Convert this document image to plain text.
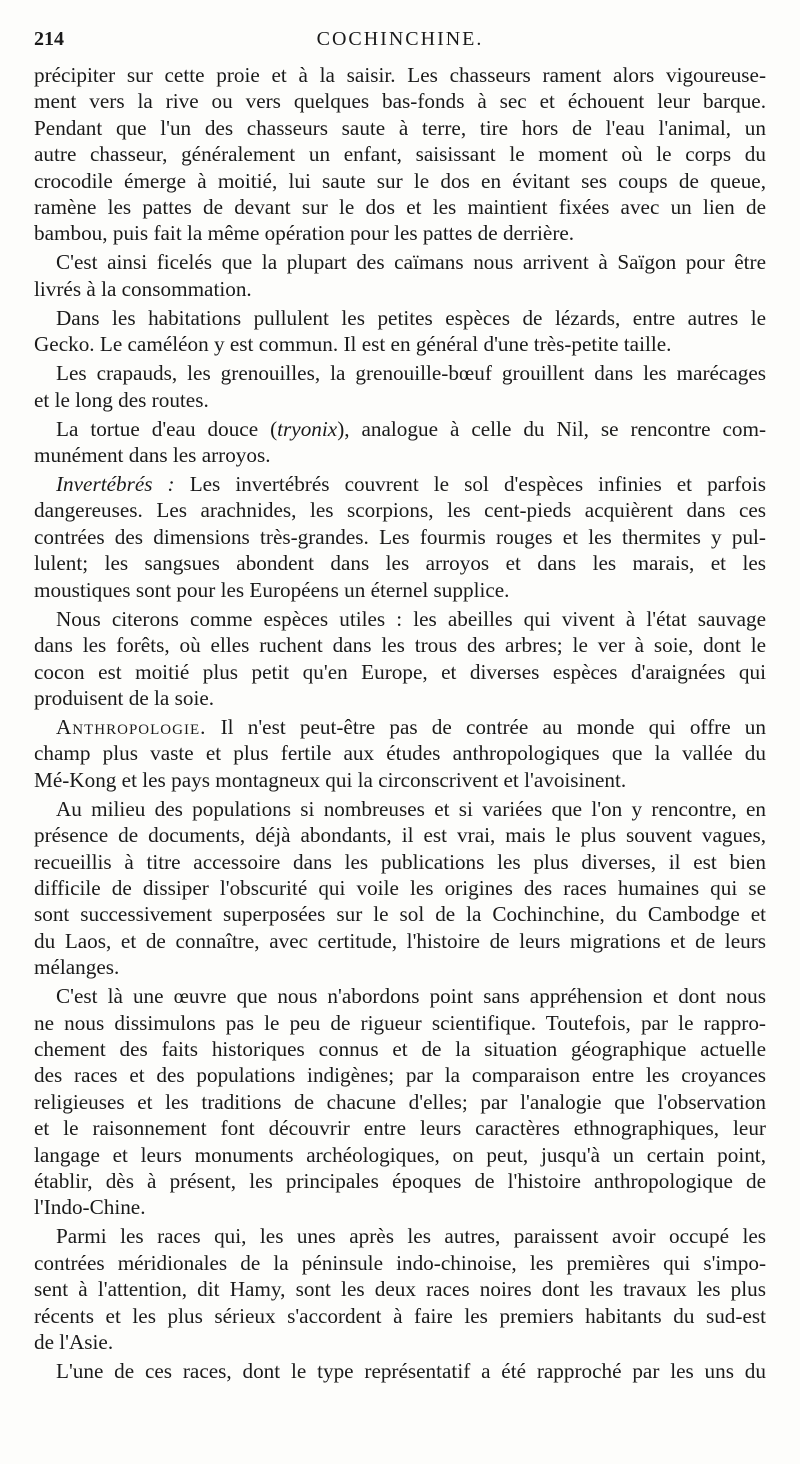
214	COCHINCHINE.

précipiter sur cette proie et à la saisir. Les chasseurs rament alors vigoureuse-
ment vers la rive ou vers quelques bas-fonds à sec et échouent leur barque.
Pendant que l'un des chasseurs saute à terre, tire hors de l'eau l'animal, un
autre chasseur, généralement un enfant, saisissant le moment où le corps du
crocodile émerge à moitié, lui saute sur le dos en évitant ses coups de queue,
ramène les pattes de devant sur le dos et les maintient fixées avec un lien de
bambou, puis fait la même opération pour les pattes de derrière.

C'est ainsi ficelés que la plupart des caïmans nous arrivent à Saïgon pour être
livrés à la consommation.

Dans les habitations pullulent les petites espèces de lézards, entre autres le
Gecko. Le caméléon y est commun. Il est en général d'une très-petite taille.

Les crapauds, les grenouilles, la grenouille-bœuf grouillent dans les marécages
et le long des routes.

La tortue d'eau douce (tryonix), analogue à celle du Nil, se rencontre com-
munément dans les arroyos.

Invertébrés : Les invertébrés couvrent le sol d'espèces infinies et parfois
dangereuses. Les arachnides, les scorpions, les cent-pieds acquièrent dans ces
contrées des dimensions très-grandes. Les fourmis rouges et les thermites y pul-
lulent; les sangsues abondent dans les arroyos et dans les marais, et les
moustiques sont pour les Européens un éternel supplice.

Nous citerons comme espèces utiles : les abeilles qui vivent à l'état sauvage
dans les forêts, où elles ruchent dans les trous des arbres; le ver à soie, dont le
cocon est moitié plus petit qu'en Europe, et diverses espèces d'araignées qui
produisent de la soie.

Anthropologie. Il n'est peut-être pas de contrée au monde qui offre un
champ plus vaste et plus fertile aux études anthropologiques que la vallée du
Mé-Kong et les pays montagneux qui la circonscrivent et l'avoisinent.

Au milieu des populations si nombreuses et si variées que l'on y rencontre, en
présence de documents, déjà abondants, il est vrai, mais le plus souvent vagues,
recueillis à titre accessoire dans les publications les plus diverses, il est bien
difficile de dissiper l'obscurité qui voile les origines des races humaines qui se
sont successivement superposées sur le sol de la Cochinchine, du Cambodge et
du Laos, et de connaître, avec certitude, l'histoire de leurs migrations et de leurs
mélanges.

C'est là une œuvre que nous n'abordons point sans appréhension et dont nous
ne nous dissimulons pas le peu de rigueur scientifique. Toutefois, par le rappro-
chement des faits historiques connus et de la situation géographique actuelle
des races et des populations indigènes; par la comparaison entre les croyances
religieuses et les traditions de chacune d'elles; par l'analogie que l'observation
et le raisonnement font découvrir entre leurs caractères ethnographiques, leur
langage et leurs monuments archéologiques, on peut, jusqu'à un certain point,
établir, dès à présent, les principales époques de l'histoire anthropologique de
l'Indo-Chine.

Parmi les races qui, les unes après les autres, paraissent avoir occupé les
contrées méridionales de la péninsule indo-chinoise, les premières qui s'impo-
sent à l'attention, dit Hamy, sont les deux races noires dont les travaux les plus
récents et les plus sérieux s'accordent à faire les premiers habitants du sud-est
de l'Asie.

L'une de ces races, dont le type représentatif a été rapproché par les uns du
